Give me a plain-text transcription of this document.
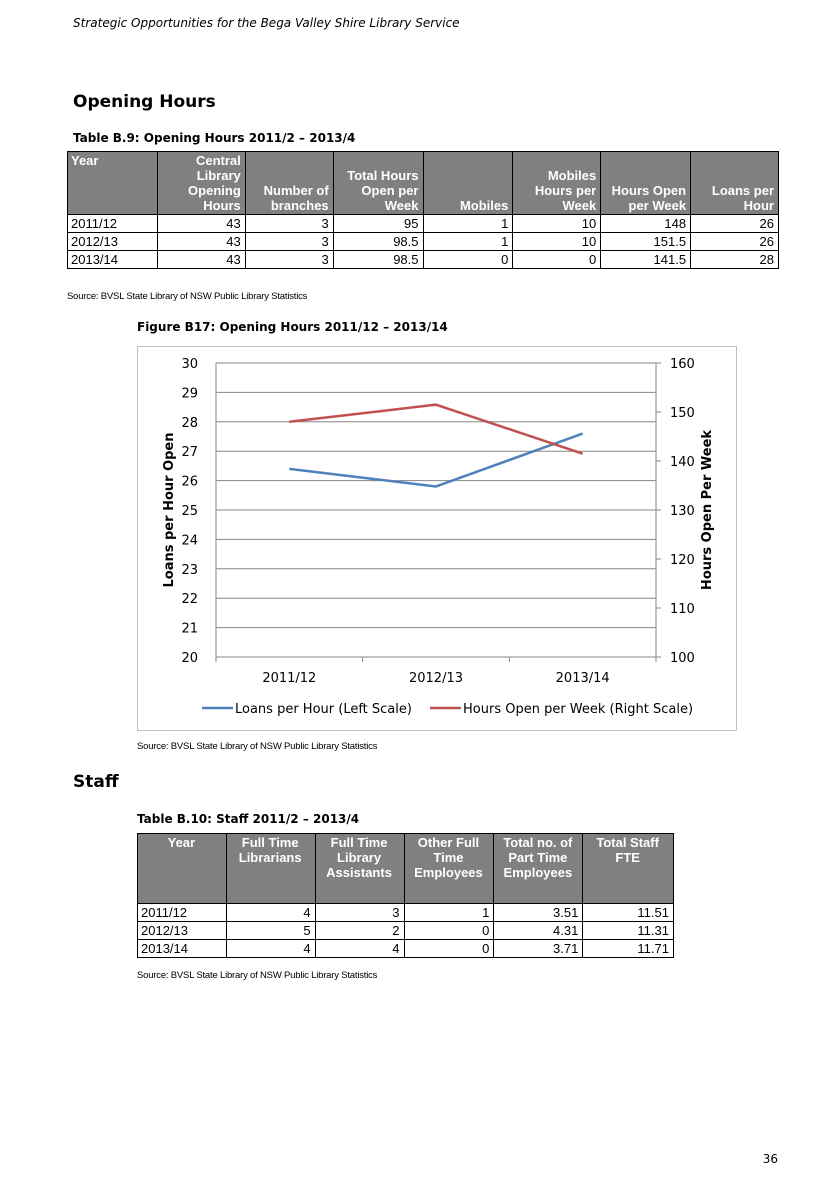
Strategic Opportunities for the Bega Valley Shire Library Service
Opening Hours
Table B.9: Opening Hours 2011/2 – 2013/4
Year	Central Library Opening Hours	Number of branches	Total Hours Open per Week	Mobiles	Mobiles Hours per Week	Hours Open per Week	Loans per Hour
2011/12	43	3	95	1	10	148	26
2012/13	43	3	98.5	1	10	151.5	26
2013/14	43	3	98.5	0	0	141.5	28
Source: BVSL State Library of NSW Public Library Statistics
Figure B17: Opening Hours 2011/12 – 2013/14
20
21
22
23
24
25
26
27
28
29
30
100
110
120
130
140
150
160
2011/12	2012/13	2013/14
Loans per Hour Open	Hours Open Per Week
Loans per Hour (Left Scale)	Hours Open per Week (Right Scale)
Source: BVSL State Library of NSW Public Library Statistics
Staff
Table B.10: Staff 2011/2 – 2013/4
Year	Full Time Librarians	Full Time Library Assistants	Other Full Time Employees	Total no. of Part Time Employees	Total Staff FTE
2011/12	4	3	1	3.51	11.51
2012/13	5	2	0	4.31	11.31
2013/14	4	4	0	3.71	11.71
Source: BVSL State Library of NSW Public Library Statistics
36
